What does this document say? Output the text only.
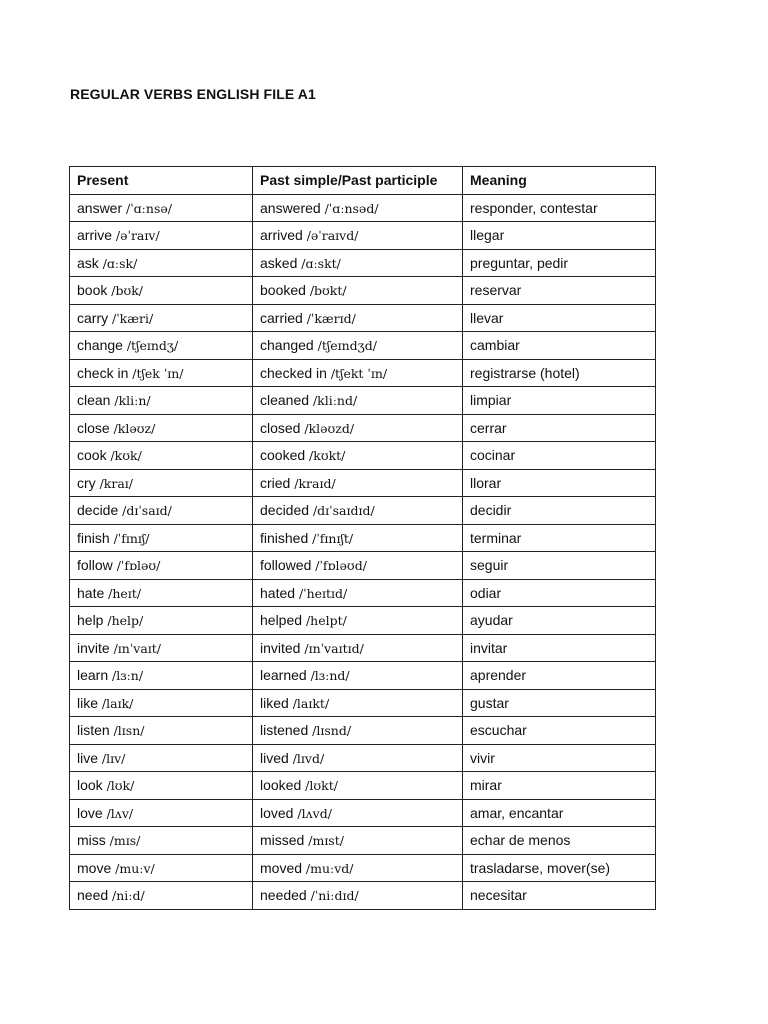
REGULAR VERBS ENGLISH FILE A1
Present	Past simple/Past participle	Meaning
answer /ˈɑːnsə/	answered /ˈɑːnsəd/	responder, contestar
arrive /əˈraɪv/	arrived /əˈraɪvd/	llegar
ask /ɑːsk/	asked /ɑːskt/	preguntar, pedir
book /bʊk/	booked /bʊkt/	reservar
carry /ˈkæri/	carried /ˈkærɪd/	llevar
change /tʃeɪndʒ/	changed /tʃeɪndʒd/	cambiar
check in /tʃek ˈɪn/	checked in /tʃekt ˈɪn/	registrarse (hotel)
clean /kliːn/	cleaned /kliːnd/	limpiar
close /kləʊz/	closed /kləʊzd/	cerrar
cook /kʊk/	cooked /kʊkt/	cocinar
cry /kraɪ/	cried /kraɪd/	llorar
decide /dɪˈsaɪd/	decided /dɪˈsaɪdɪd/	decidir
finish /ˈfɪnɪʃ/	finished /ˈfɪnɪʃt/	terminar
follow /ˈfɒləʊ/	followed /ˈfɒləʊd/	seguir
hate /heɪt/	hated /ˈheɪtɪd/	odiar
help /help/	helped /helpt/	ayudar
invite /ɪnˈvaɪt/	invited /ɪnˈvaɪtɪd/	invitar
learn /lɜːn/	learned /lɜːnd/	aprender
like /laɪk/	liked /laɪkt/	gustar
listen /lɪsn/	listened /lɪsnd/	escuchar
live /lɪv/	lived /lɪvd/	vivir
look /lʊk/	looked /lʊkt/	mirar
love /lʌv/	loved /lʌvd/	amar, encantar
miss /mɪs/	missed /mɪst/	echar de menos
move /muːv/	moved /muːvd/	trasladarse, mover(se)
need /niːd/	needed /ˈniːdɪd/	necesitar
